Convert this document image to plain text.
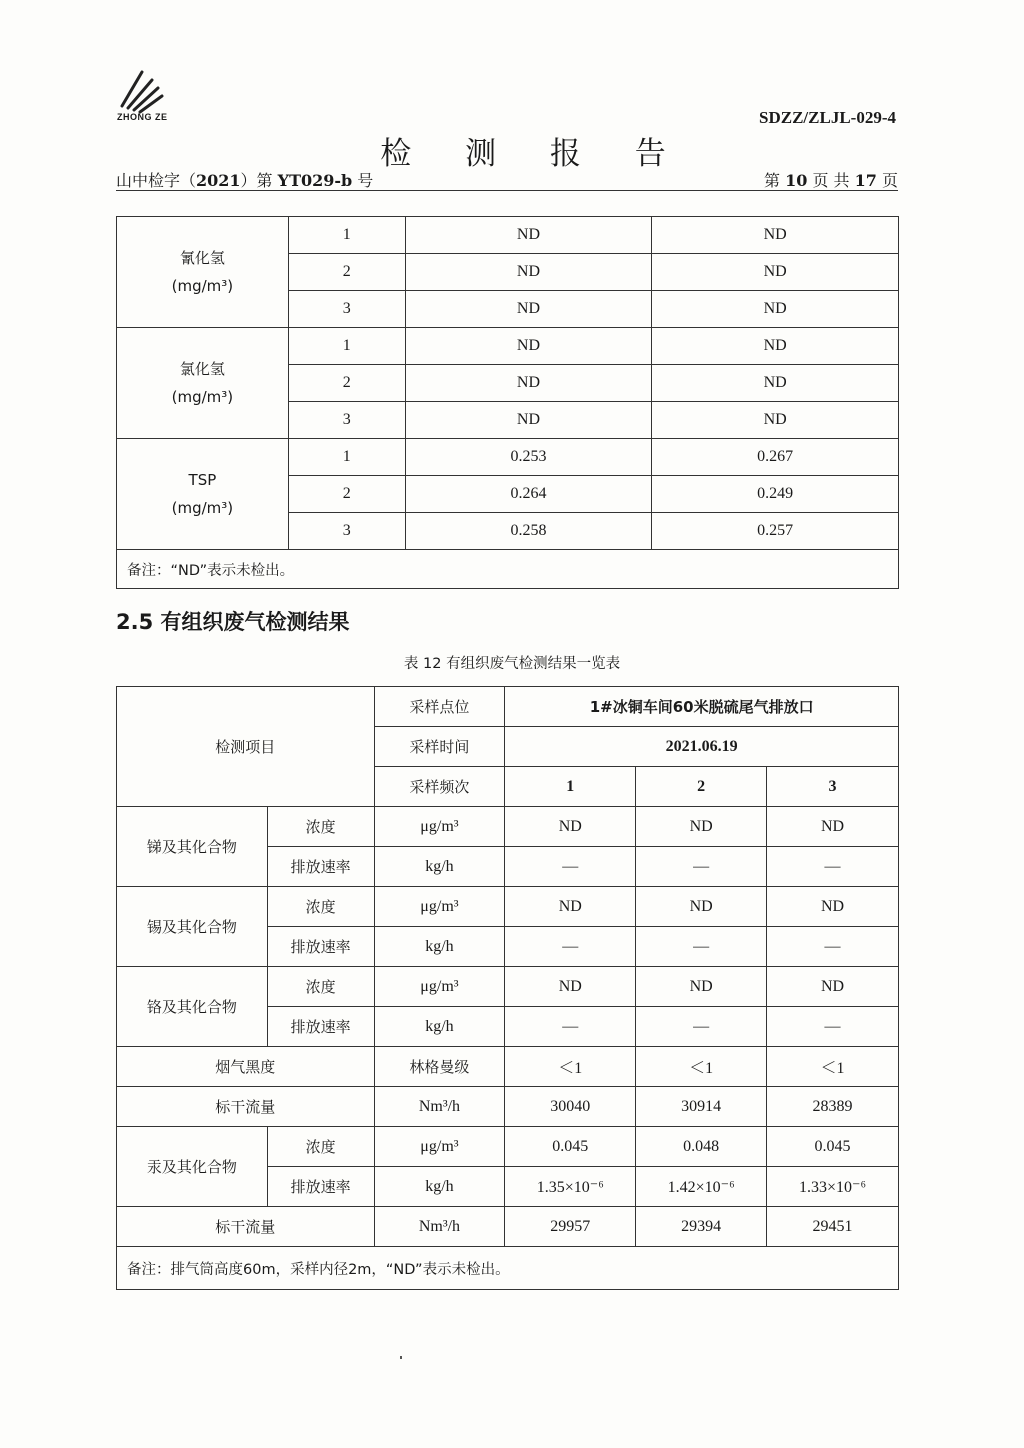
ZHONG ZE	SDZZ/ZLJL-029-4
检 测 报 告
山中检字（2021）第 YT029-b 号	第 10 页 共 17 页
氰化氢
(mg/m³)	1	ND	ND
	2	ND	ND
	3	ND	ND

氯化氢
(mg/m³)	1	ND	ND
	2	ND	ND
	3	ND	ND

TSP
(mg/m³)	1	0.253	0.267
	2	0.264	0.249
	3	0.258	0.257
备注：“ND”表示未检出。			
2.5 有组织废气检测结果
表 12 有组织废气检测结果一览表
检测项目		采样点位	1#冰铜车间60米脱硫尾气排放口		
		采样时间	2021.06.19		
		采样频次	1	2	3
锑及其化合物	浓度	μg/m³	ND	ND	ND
	排放速率	kg/h	—	—	—
锡及其化合物	浓度	μg/m³	ND	ND	ND
	排放速率	kg/h	—	—	—
铬及其化合物	浓度	μg/m³	ND	ND	ND
	排放速率	kg/h	—	—	—
烟气黑度		林格曼级	＜1	＜1	＜1
标干流量		Nm³/h	30040	30914	28389
汞及其化合物	浓度	μg/m³	0.045	0.048	0.045
	排放速率	kg/h	1.35×10⁻⁶	1.42×10⁻⁶	1.33×10⁻⁶
标干流量		Nm³/h	29957	29394	29451
备注：排气筒高度60m，采样内径2m，“ND”表示未检出。					
